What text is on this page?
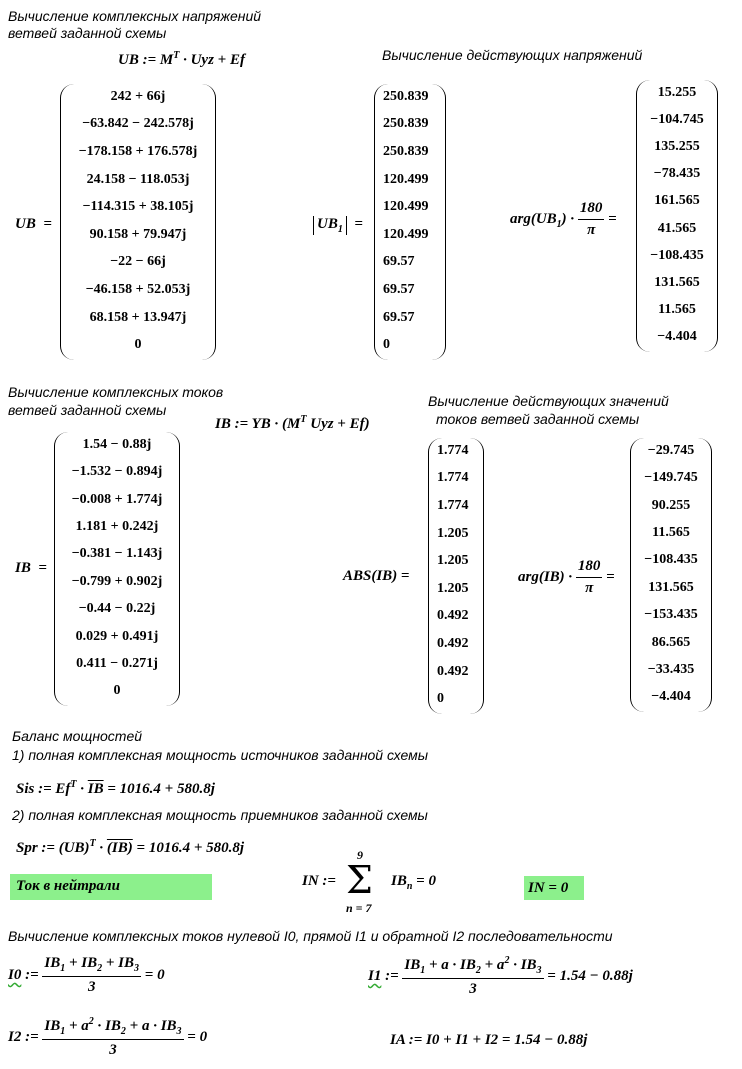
Вычисление комплексных напряжений
ветвей заданной схемы
UB := $M^T$ · Uyz + Ef
UB  =
242 + 66j
−63.842 − 242.578j
−178.158 + 176.578j
24.158 − 118.053j
−114.315 + 38.105j
90.158 + 79.947j
−22 − 66j
−46.158 + 52.053j
68.158 + 13.947j
0
Вычисление действующих напряжений
$UB_1$  =
250.839
250.839
250.839
120.499
120.499
120.499
69.57
69.57
69.57
0
$arg(UB_1) \cdot \frac{180}{\pi}$ =
15.255
−104.745
135.255
−78.435
161.565
41.565
−108.435
131.565
11.565
−4.404
Вычисление комплексных токов
ветвей заданной схемы
IB := YB · ($M^T$ Uyz + Ef)
IB  =
1.54 − 0.88j
−1.532 − 0.894j
−0.008 + 1.774j
1.181 + 0.242j
−0.381 − 1.143j
−0.799 + 0.902j
−0.44 − 0.22j
0.029 + 0.491j
0.411 − 0.271j
0
Вычисление действующих значений
токов ветвей заданной схемы
ABS(IB) =
1.774
1.774
1.774
1.205
1.205
1.205
0.492
0.492
0.492
0
$arg(IB) \cdot \frac{180}{\pi}$ =
−29.745
−149.745
90.255
11.565
−108.435
131.565
−153.435
86.565
−33.435
−4.404
Баланс мощностей
1) полная комплексная мощность источников заданной схемы
Sis := $Ef^T \cdot \overline{IB} = 1016.4 + 580.8j$
2) полная комплексная мощность приемников заданной схемы
Spr := (UB)$^T$ · (IB) = 1016.4 + 580.8j
Ток в нейтрали	IN :=
9
Σ
n = 7
$IB_n = 0$	IN = 0
Вычисление комплексных токов нулевой I0, прямой I1 и обратной I2 последовательности
I0 := $\frac{IB_1 + IB_2 + IB_3}{3} = 0$	I1 := $\frac{IB_1 + a \cdot IB_2 + a^2 \cdot IB_3}{3} = 1.54 - 0.88j$
I2 := $\frac{IB_1 + a^2 \cdot IB_2 + a \cdot IB_3}{3} = 0$	IA := I0 + I1 + I2 = 1.54 − 0.88j
